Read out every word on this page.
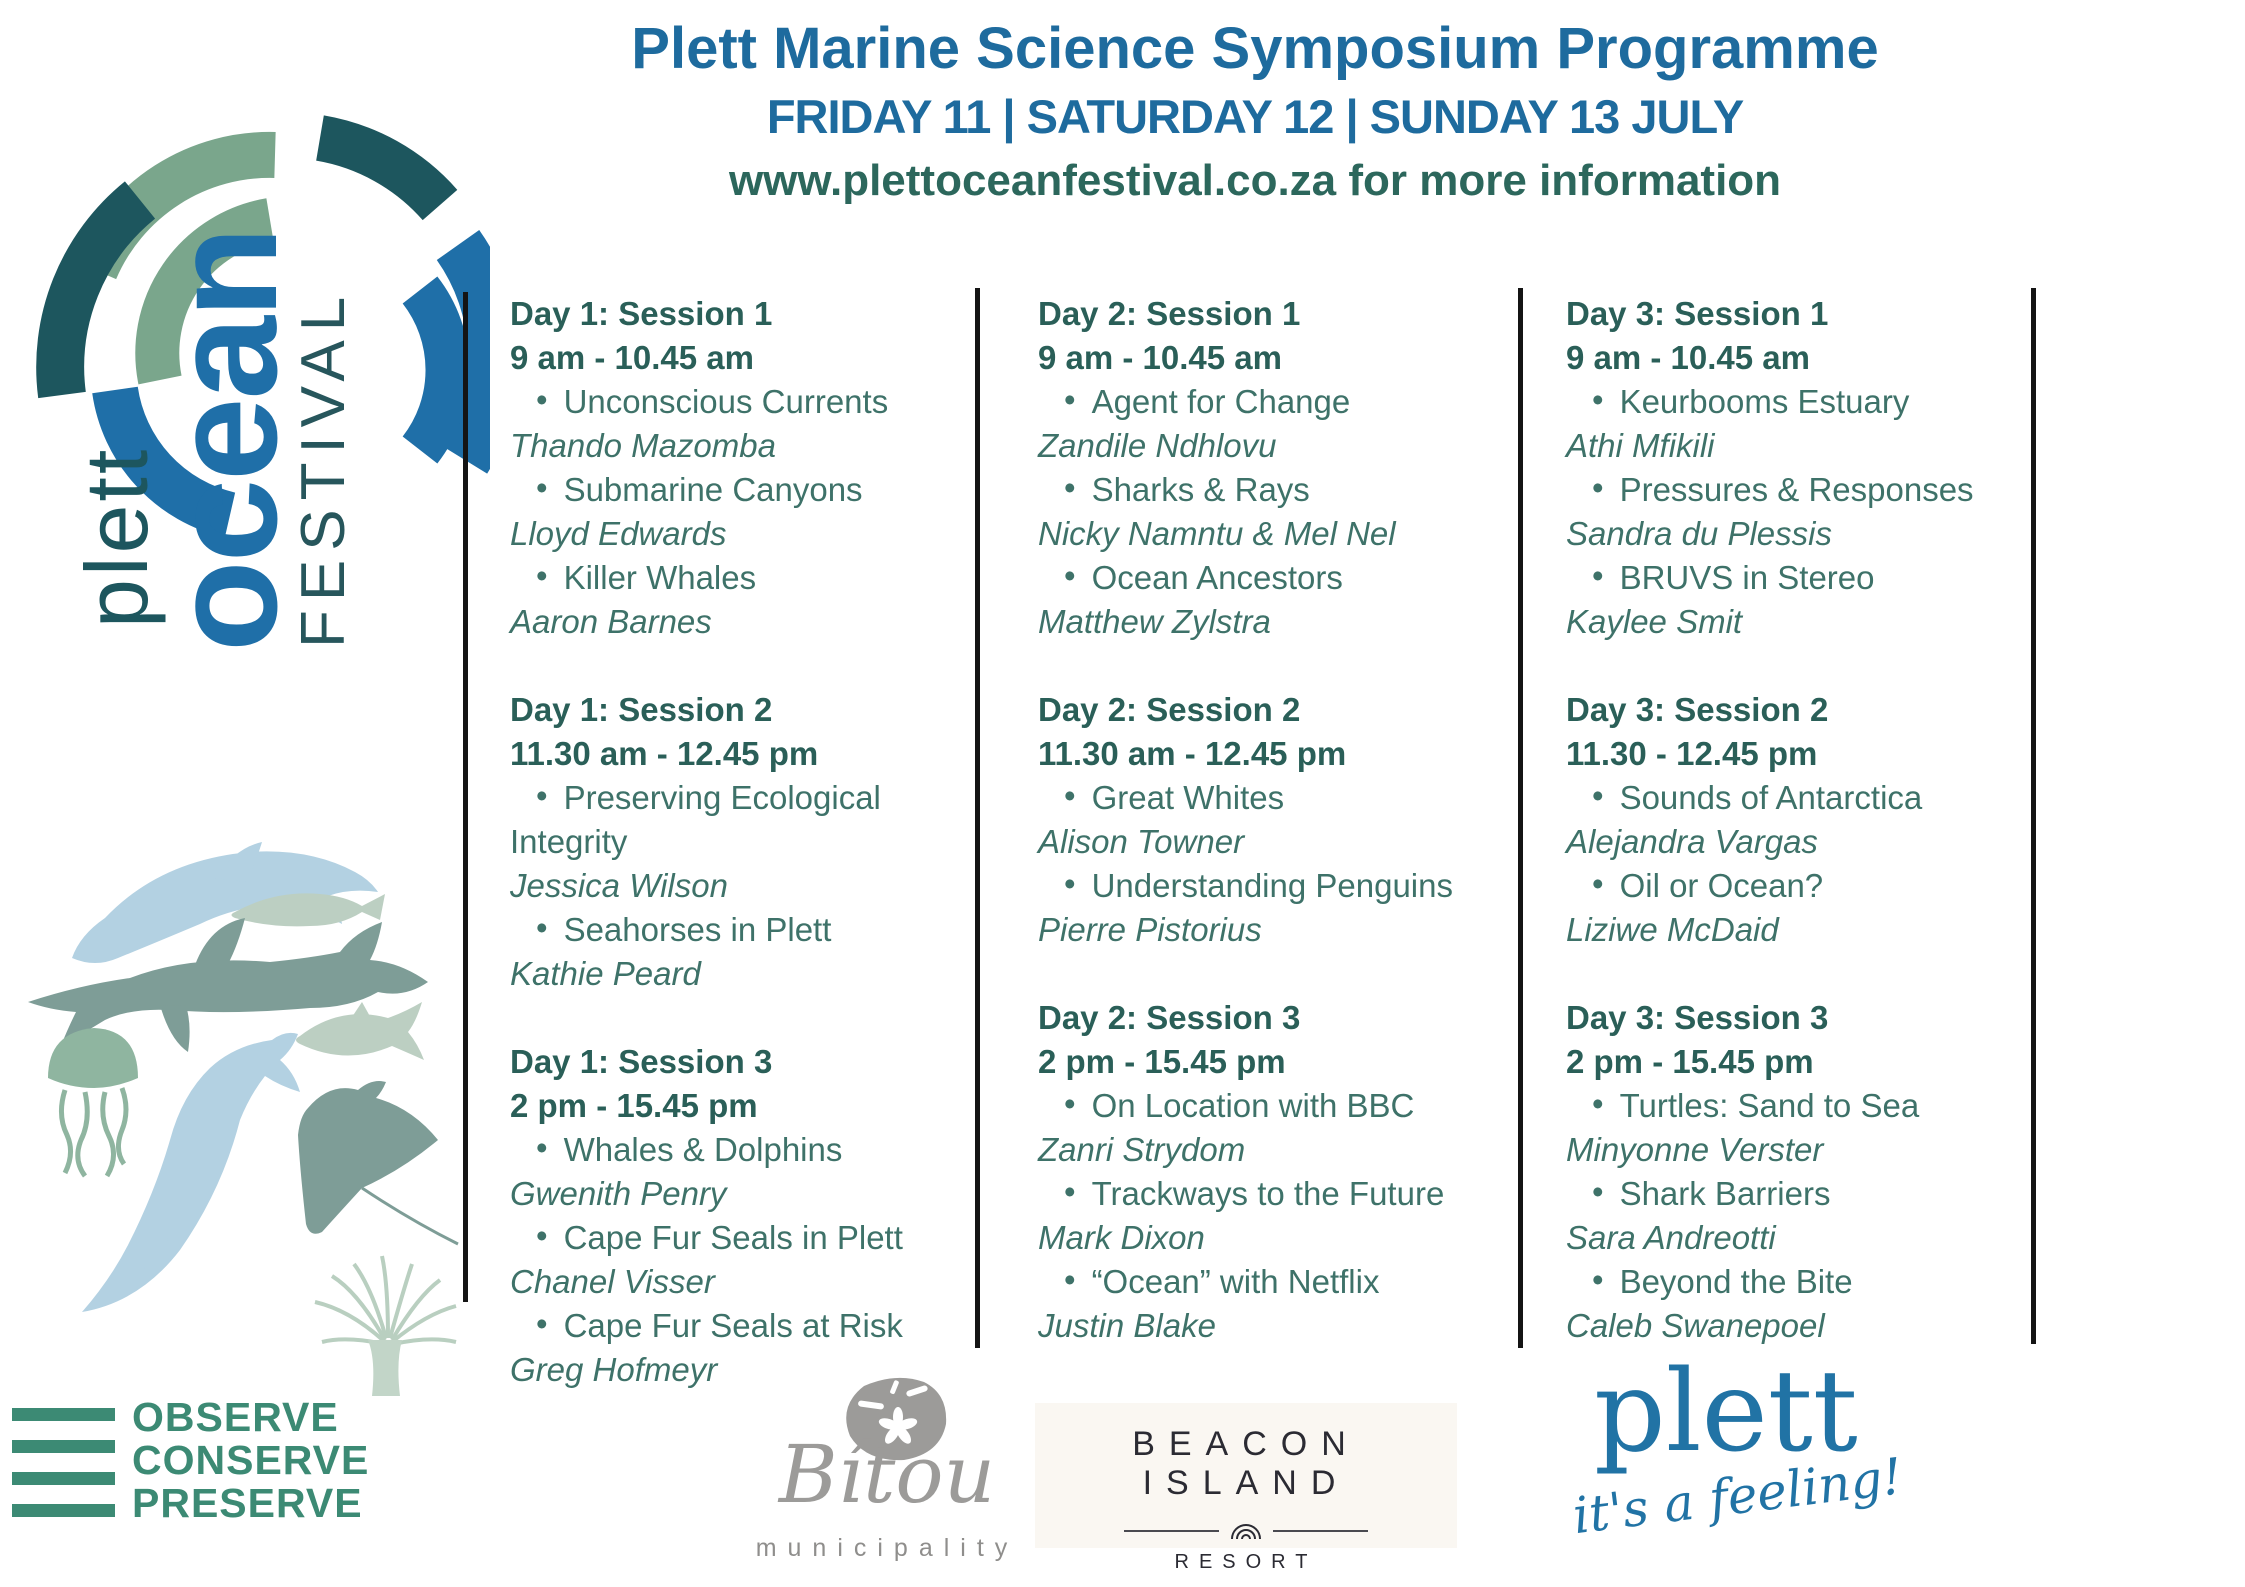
Plett Marine Science Symposium Programme
FRIDAY 11 | SATURDAY 12 | SUNDAY 13 JULY
www.plettoceanfestival.co.za for more information
plett
ocean
FESTIVAL
OBSERVE
CONSERVE
PRESERVE
Day 1: Session 1
9 am - 10.45 am
• Unconscious Currents
Thando Mazomba
• Submarine Canyons
Lloyd Edwards
• Killer Whales
Aaron Barnes
Day 1: Session 2
11.30 am - 12.45 pm
• Preserving Ecological Integrity
Jessica Wilson
• Seahorses in Plett
Kathie Peard
Day 1: Session 3
2 pm - 15.45 pm
• Whales & Dolphins
Gwenith Penry
• Cape Fur Seals in Plett
Chanel Visser
• Cape Fur Seals at Risk
Greg Hofmeyr
Day 2: Session 1
9 am - 10.45 am
• Agent for Change
Zandile Ndhlovu
• Sharks & Rays
Nicky Namntu & Mel Nel
• Ocean Ancestors
Matthew Zylstra
Day 2: Session 2
11.30 am - 12.45 pm
• Great Whites
Alison Towner
• Understanding Penguins
Pierre Pistorius
Day 2: Session 3
2 pm - 15.45 pm
• On Location with BBC
Zanri Strydom
• Trackways to the Future
Mark Dixon
• “Ocean” with Netflix
Justin Blake
Day 3: Session 1
9 am - 10.45 am
• Keurbooms Estuary
Athi Mfikili
• Pressures & Responses
Sandra du Plessis
• BRUVS in Stereo
Kaylee Smit
Day 3: Session 2
11.30 - 12.45 pm
• Sounds of Antarctica
Alejandra Vargas
• Oil or Ocean?
Liziwe McDaid
Day 3: Session 3
2 pm - 15.45 pm
• Turtles: Sand to Sea
Minyonne Verster
• Shark Barriers
Sara Andreotti
• Beyond the Bite
Caleb Swanepoel
Bítou
municipality
BEACON ISLAND
RESORT
plett
it's a feeling!
